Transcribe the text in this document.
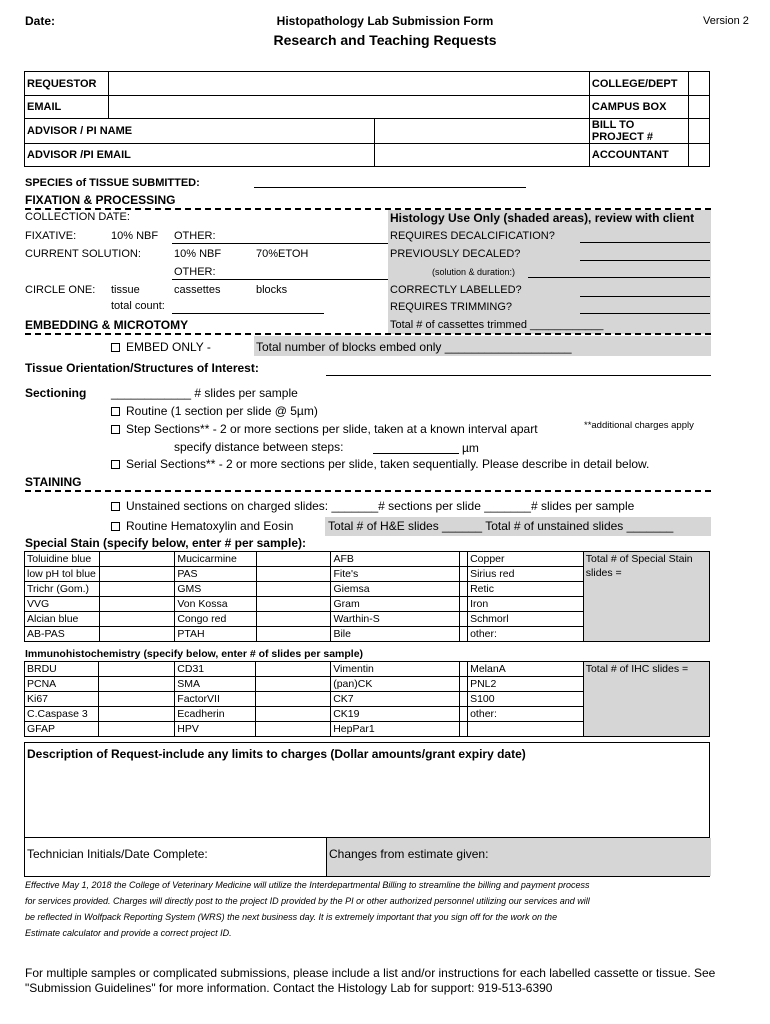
Date:	Histopathology Lab Submission Form
Research and Teaching Requests
Version 2
REQUESTOR			COLLEGE/DEPT	
EMAIL			CAMPUS BOX	
ADVISOR / PI NAME			BILL TO PROJECT #	
ADVISOR /PI EMAIL			ACCOUNTANT	
SPECIES of TISSUE SUBMITTED:
FIXATION & PROCESSING
Histology Use Only (shaded areas), review with client
REQUIRES DECALCIFICATION?
PREVIOUSLY DECALED?
(solution & duration:)
CORRECTLY LABELLED?
REQUIRES TRIMMING?
Total # of cassettes trimmed ____________
COLLECTION DATE:
FIXATIVE:	10% NBF OTHER:
CURRENT SOLUTION:	10% NBF	70%ETOH
OTHER:
CIRCLE ONE: tissue	cassettes	blocks
total count:
EMBEDDING & MICROTOMY
EMBED ONLY -	Total number of blocks embed only ___________________
Tissue Orientation/Structures of Interest:
Sectioning ____________ # slides per sample
Routine (1 section per slide @ 5µm)
Step Sections** - 2 or more sections per slide, taken at a known interval apart	**additional charges apply
specify distance between steps:	µm
Serial Sections** - 2 or more sections per slide, taken sequentially. Please describe in detail below.
STAINING
Unstained sections on charged slides: _______# sections per slide _______# slides per sample
Routine Hematoxylin and Eosin	Total # of H&E slides ______ Total # of unstained slides _______
Special Stain (specify below, enter # per sample):
Toluidine blue		Mucicarmine		AFB		Copper	Total # of Special Stain slides =
low pH tol blue		PAS		Fite's		Sirius red	
Trichr (Gom.)		GMS		Giemsa		Retic	
VVG		Von Kossa		Gram		Iron	
Alcian blue		Congo red		Warthin-S		Schmorl	
AB-PAS		PTAH		Bile		other:	
Immunohistochemistry (specify below, enter # of slides per sample)
BRDU		CD31		Vimentin		MelanA	Total # of IHC slides =
PCNA		SMA		(pan)CK		PNL2	
Ki67		FactorVII		CK7		S100	
C.Caspase 3		Ecadherin		CK19		other:	
GFAP		HPV		HepPar1			
Description of Request-include any limits to charges (Dollar amounts/grant expiry date)
Technician Initials/Date Complete:	Changes from estimate given:
Effective May 1, 2018 the College of Veterinary Medicine will utilize the Interdepartmental Billing to streamline the billing and payment process
for services provided. Charges will directly post to the project ID provided by the PI or other authorized personnel utilizing our services and will
be reflected in Wolfpack Reporting System (WRS) the next business day. It is extremely important that you sign off for the work on the
Estimate calculator and provide a correct project ID.
For multiple samples or complicated submissions, please include a list and/or instructions for each labelled cassette or tissue. See
"Submission Guidelines" for more information. Contact the Histology Lab for support: 919-513-6390
